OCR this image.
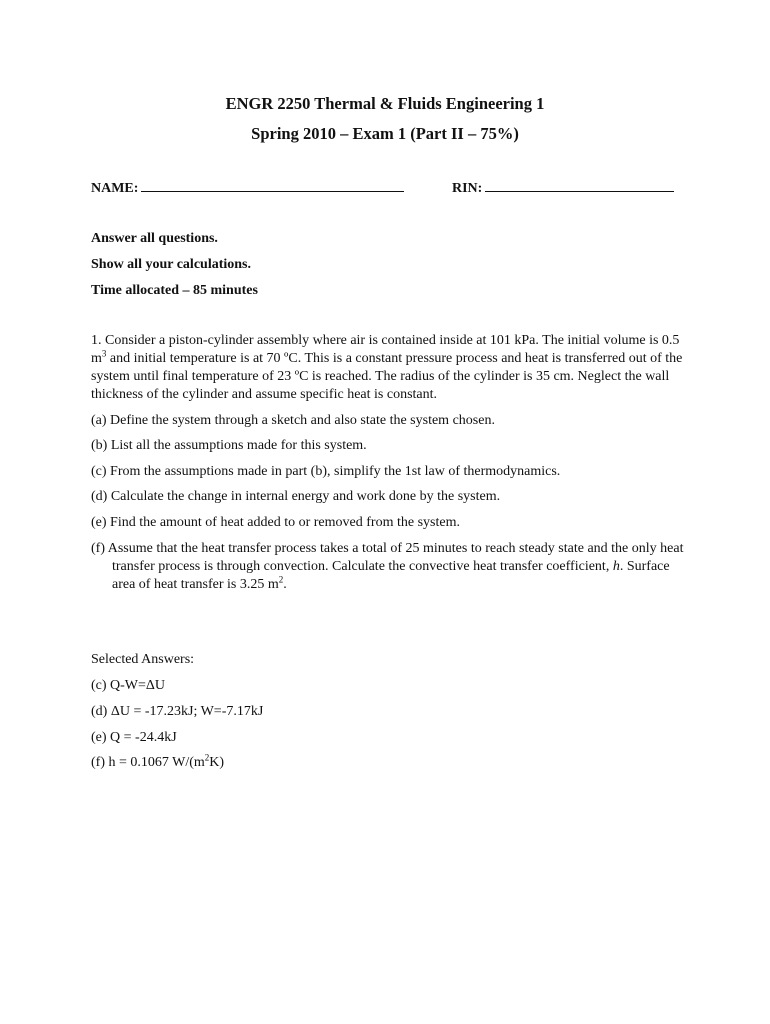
ENGR 2250 Thermal & Fluids Engineering 1
Spring 2010 – Exam 1 (Part II – 75%)
NAME:	RIN:
Answer all questions.
Show all your calculations.
Time allocated – 85 minutes
1. Consider a piston-cylinder assembly where air is contained inside at 101 kPa. The initial volume is 0.5 $m^3$ and initial temperature is at 70 ºC. This is a constant pressure process and heat is transferred out of the system until final temperature of 23 ºC is reached. The radius of the cylinder is 35 cm. Neglect the wall thickness of the cylinder and assume specific heat is constant.
(a) Define the system through a sketch and also state the system chosen.
(b) List all the assumptions made for this system.
(c) From the assumptions made in part (b), simplify the 1st law of thermodynamics.
(d) Calculate the change in internal energy and work done by the system.
(e) Find the amount of heat added to or removed from the system.
(f) Assume that the heat transfer process takes a total of 25 minutes to reach steady state and the only heat transfer process is through convection. Calculate the convective heat transfer coefficient, h. Surface area of heat transfer is 3.25 $m^2$.
Selected Answers:
(c) Q-W=ΔU
(d) ΔU = -17.23kJ; W=-7.17kJ
(e) Q = -24.4kJ
(f) h = 0.1067 $W/(m^2K)$
